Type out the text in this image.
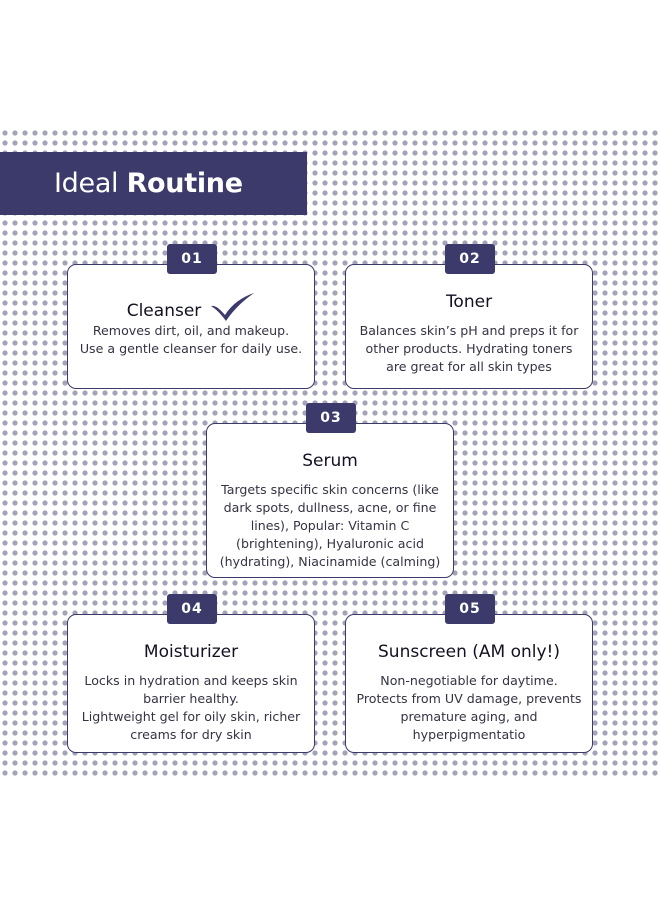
Ideal Routine
01
Cleanser
Removes dirt, oil, and makeup.
Use a gentle cleanser for daily use.
02
Toner
Balances skin’s pH and preps it for
other products. Hydrating toners
are great for all skin types
03
Serum
Targets specific skin concerns (like
dark spots, dullness, acne, or fine
lines), Popular: Vitamin C
(brightening), Hyaluronic acid
(hydrating), Niacinamide (calming)
04
Moisturizer
Locks in hydration and keeps skin
barrier healthy.
Lightweight gel for oily skin, richer
creams for dry skin
05
Sunscreen (AM only!)
Non-negotiable for daytime.
Protects from UV damage, prevents
premature aging, and
hyperpigmentatio
